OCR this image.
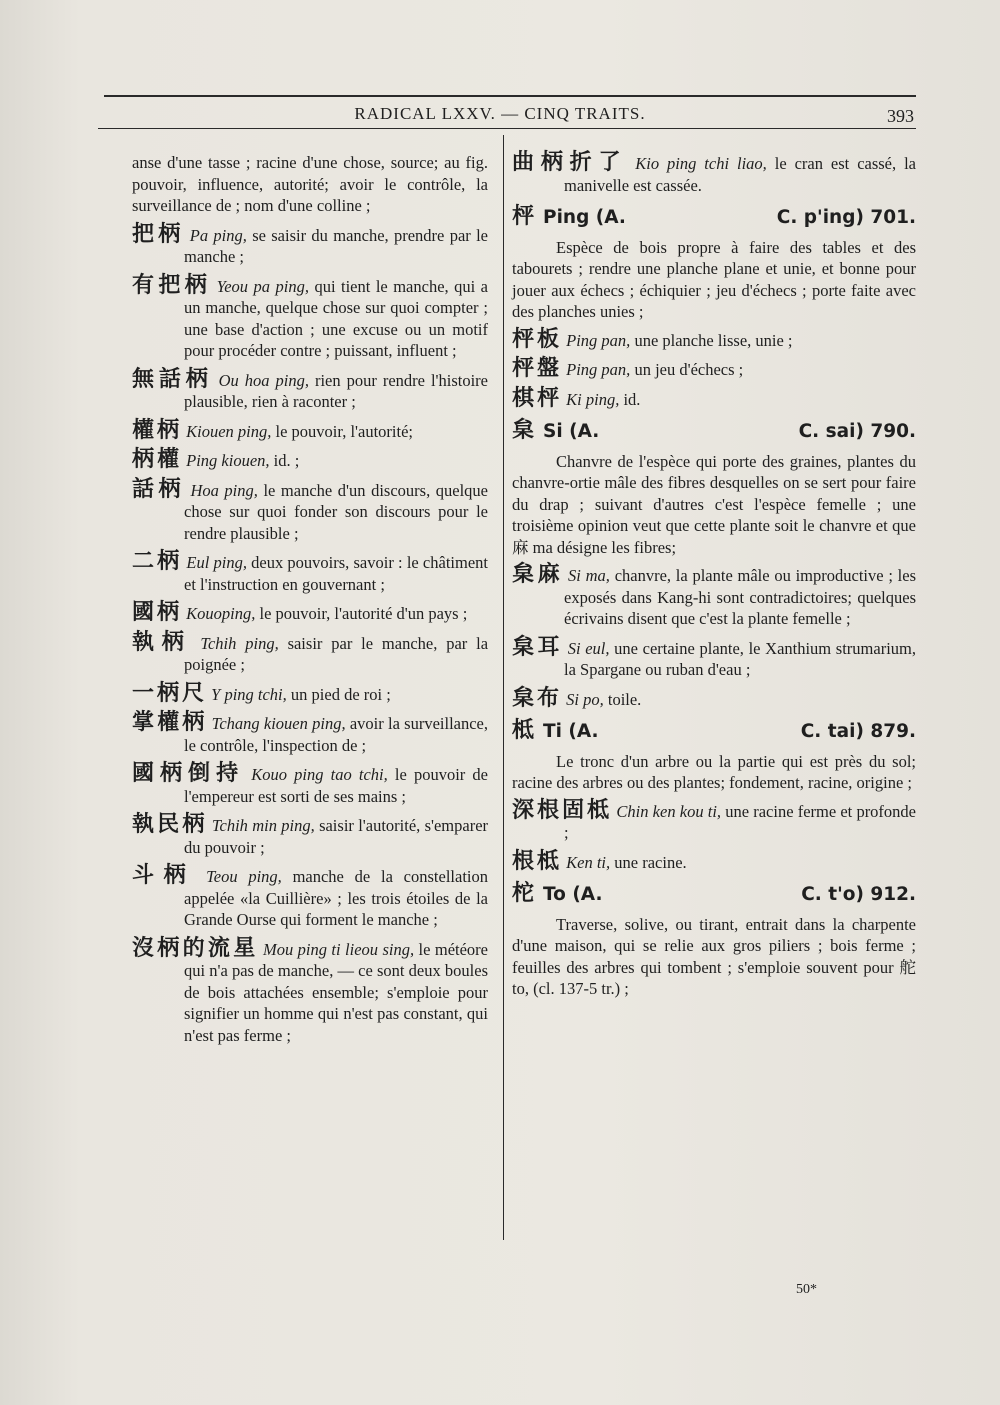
RADICAL LXXV. — CINQ TRAITS.	393

anse d'une tasse ; racine d'une chose, source; au fig. pouvoir, influence, autorité; avoir le contrôle, la surveillance de ; nom d'une colline ;

把柄 Pa ping, se saisir du manche, prendre par le manche ;

有把柄 Yeou pa ping, qui tient le manche, qui a un manche, quelque chose sur quoi compter ; une base d'action ; une excuse ou un motif pour procéder contre ; puissant, influent ;

無話柄 Ou hoa ping, rien pour rendre l'histoire plausible, rien à raconter ;

權柄 Kiouen ping, le pouvoir, l'autorité;

柄權 Ping kiouen, id. ;

話柄 Hoa ping, le manche d'un discours, quelque chose sur quoi fonder son discours pour le rendre plausible ;

二柄 Eul ping, deux pouvoirs, savoir : le châtiment et l'instruction en gouvernant ;

國柄 Kouoping, le pouvoir, l'autorité d'un pays ;

執柄 Tchih ping, saisir par le manche, par la poignée ;

一柄尺 Y ping tchi, un pied de roi ;

掌權柄 Tchang kiouen ping, avoir la surveillance, le contrôle, l'inspection de ;

國柄倒持 Kouo ping tao tchi, le pouvoir de l'empereur est sorti de ses mains ;

執民柄 Tchih min ping, saisir l'autorité, s'emparer du pouvoir ;

斗柄 Teou ping, manche de la constellation appelée «la Cuillière» ; les trois étoiles de la Grande Ourse qui forment le manche ;

沒柄的流星 Mou ping ti lieou sing, le météore qui n'a pas de manche, — ce sont deux boules de bois attachées ensemble; s'emploie pour signifier un homme qui n'est pas constant, qui n'est pas ferme ;

曲柄折了 Kio ping tchi liao, le cran est cassé, la manivelle est cassée.

枰 Ping (A.	C. p'ing) 701.

Espèce de bois propre à faire des tables et des tabourets ; rendre une planche plane et unie, et bonne pour jouer aux échecs ; échiquier ; jeu d'échecs ; porte faite avec des planches unies ;

枰板 Ping pan, une planche lisse, unie ;

枰盤 Ping pan, un jeu d'échecs ;

棋枰 Ki ping, id.

枲 Si (A.	C. sai) 790.

Chanvre de l'espèce qui porte des graines, plantes du chanvre-ortie mâle des fibres desquelles on se sert pour faire du drap ; suivant d'autres c'est l'espèce femelle ; une troisième opinion veut que cette plante soit le chanvre et que 麻 ma désigne les fibres;

枲麻 Si ma, chanvre, la plante mâle ou improductive ; les exposés dans Kang-hi sont contradictoires; quelques écrivains disent que c'est la plante femelle ;

枲耳 Si eul, une certaine plante, le Xanthium strumarium, la Spargane ou ruban d'eau ;

枲布 Si po, toile.

柢 Ti (A.	C. tai) 879.

Le tronc d'un arbre ou la partie qui est près du sol; racine des arbres ou des plantes; fondement, racine, origine ;

深根固柢 Chin ken kou ti, une racine ferme et profonde ;

根柢 Ken ti, une racine.

柁 To (A.	C. t'o) 912.

Traverse, solive, ou tirant, entrait dans la charpente d'une maison, qui se relie aux gros piliers ; bois ferme ; feuilles des arbres qui tombent ; s'emploie souvent pour 舵 to, (cl. 137-5 tr.) ;

50*
